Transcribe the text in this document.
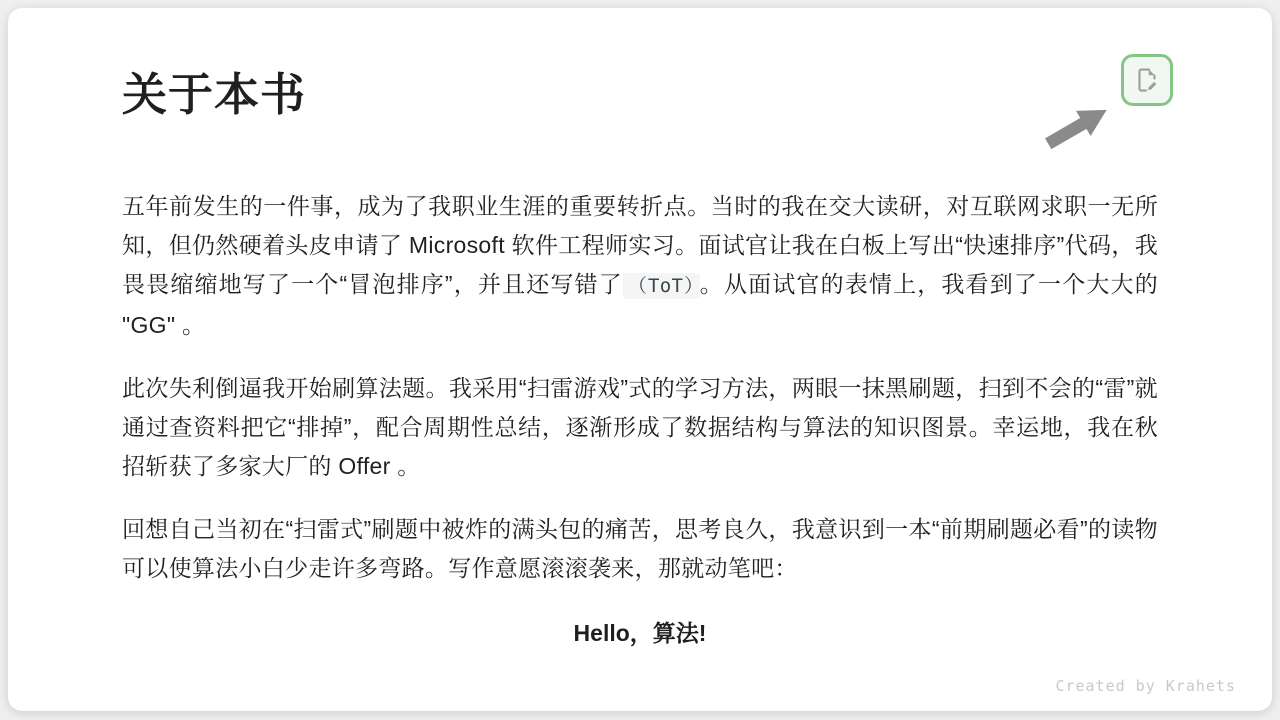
关于本书

五年前发生的一件事，成为了我职业生涯的重要转折点。当时的我在交大读研，对互联网求职一无所知，但仍然硬着头皮申请了 Microsoft 软件工程师实习。面试官让我在白板上写出“快速排序”代码，我畏畏缩缩地写了一个“冒泡排序”，并且还写错了 （ToT） 。从面试官的表情上，我看到了一个大大的 "GG" 。

此次失利倒逼我开始刷算法题。我采用“扫雷游戏”式的学习方法，两眼一抹黑刷题，扫到不会的“雷”就通过查资料把它“排掉”，配合周期性总结，逐渐形成了数据结构与算法的知识图景。幸运地，我在秋招斩获了多家大厂的 Offer 。

回想自己当初在“扫雷式”刷题中被炸的满头包的痛苦，思考良久，我意识到一本“前期刷题必看”的读物可以使算法小白少走许多弯路。写作意愿滚滚袭来，那就动笔吧：

Hello，算法!

Created by Krahets
